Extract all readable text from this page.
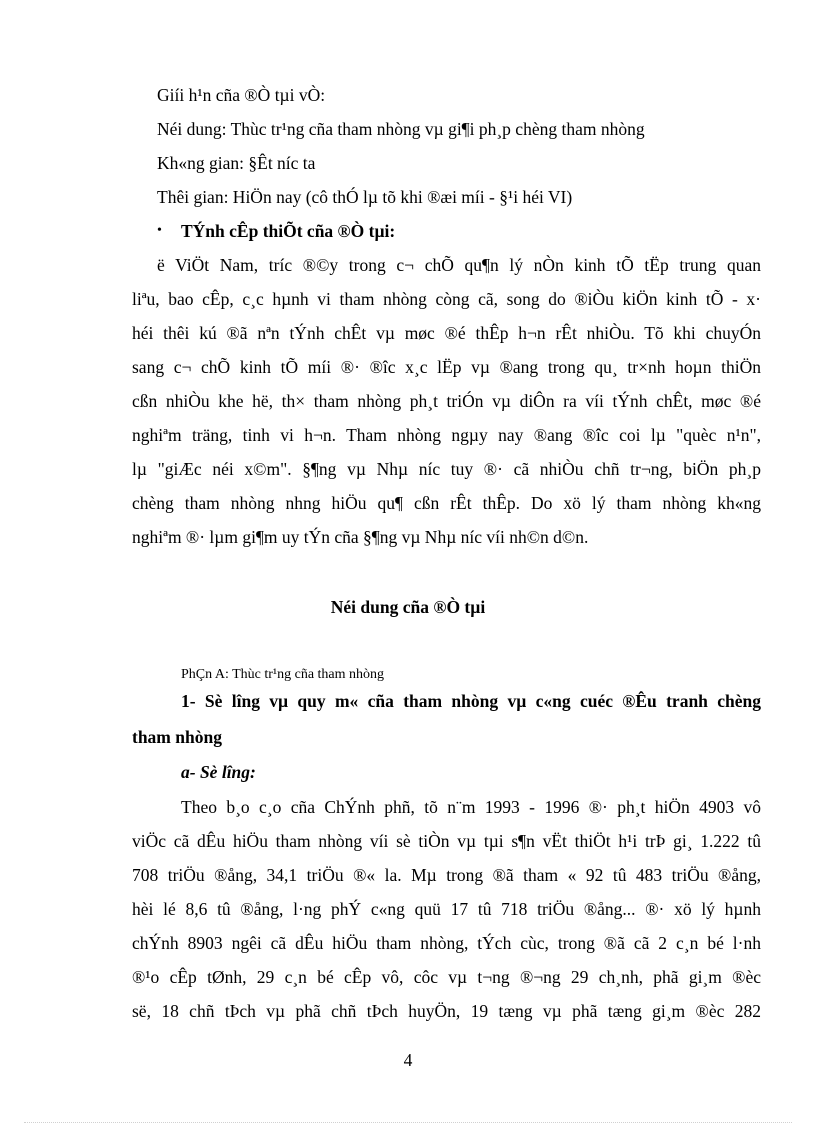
Giíi h¹n cña ®Ò tµi vÒ:
Néi dung: Thùc tr¹ng cña tham nhòng vµ gi¶i ph¸p chèng tham nhòng
Kh«ng gian: §Êt níc ta
Thêi gian: HiÖn nay (cô thÓ lµ tõ khi ®æi míi - §¹i héi VI)
• TÝnh cÊp thiÕt cña ®Ò tµi:
ë ViÖt Nam, tríc ®©y trong c¬ chÕ qu¶n lý nÒn kinh tÕ tËp trung quan
liªu, bao cÊp, c¸c hµnh vi tham nhòng còng cã, song do ®iÒu kiÖn kinh tÕ - x·
héi thêi kú ®ã nªn tÝnh chÊt vµ møc ®é thÊp h¬n rÊt nhiÒu. Tõ khi chuyÓn
sang c¬ chÕ kinh tÕ míi ®· ®îc x¸c lËp vµ ®ang trong qu¸ tr×nh hoµn thiÖn
cßn nhiÒu khe hë, th× tham nhòng ph¸t triÓn vµ diÔn ra víi tÝnh chÊt, møc ®é
nghiªm träng, tinh vi h¬n. Tham nhòng ngµy nay ®ang ®îc coi lµ "quèc n¹n",
lµ "giÆc néi x©m". §¶ng vµ Nhµ níc tuy ®· cã nhiÒu chñ tr¬ng, biÖn ph¸p
chèng tham nhòng nhng hiÖu qu¶ cßn rÊt thÊp. Do xö lý tham nhòng kh«ng
nghiªm ®· lµm gi¶m uy tÝn cña §¶ng vµ Nhµ níc víi nh©n d©n.
Néi dung cña ®Ò tµi
PhÇn A: Thùc tr¹ng cña tham nhòng
1- Sè lîng vµ quy m« cña tham nhòng vµ c«ng cuéc ®Êu tranh chèng
tham nhòng
a- Sè lîng:
Theo b¸o c¸o cña ChÝnh phñ, tõ n¨m 1993 - 1996 ®· ph¸t hiÖn 4903 vô
viÖc cã dÊu hiÖu tham nhòng víi sè tiÒn vµ tµi s¶n vËt thiÖt h¹i trÞ gi¸ 1.222 tû
708 triÖu ®ång, 34,1 triÖu ®« la. Mµ trong ®ã tham « 92 tû 483 triÖu ®ång,
hèi lé 8,6 tû ®ång, l·ng phÝ c«ng quü 17 tû 718 triÖu ®ång... ®· xö lý hµnh
chÝnh 8903 ngêi cã dÊu hiÖu tham nhòng, tÝch cùc, trong ®ã cã 2 c¸n bé l·nh
®¹o cÊp tØnh, 29 c¸n bé cÊp vô, côc vµ t¬ng ®¬ng 29 ch¸nh, phã gi¸m ®èc
së, 18 chñ tÞch vµ phã chñ tÞch huyÖn, 19 tæng vµ phã tæng gi¸m ®èc 282
4
